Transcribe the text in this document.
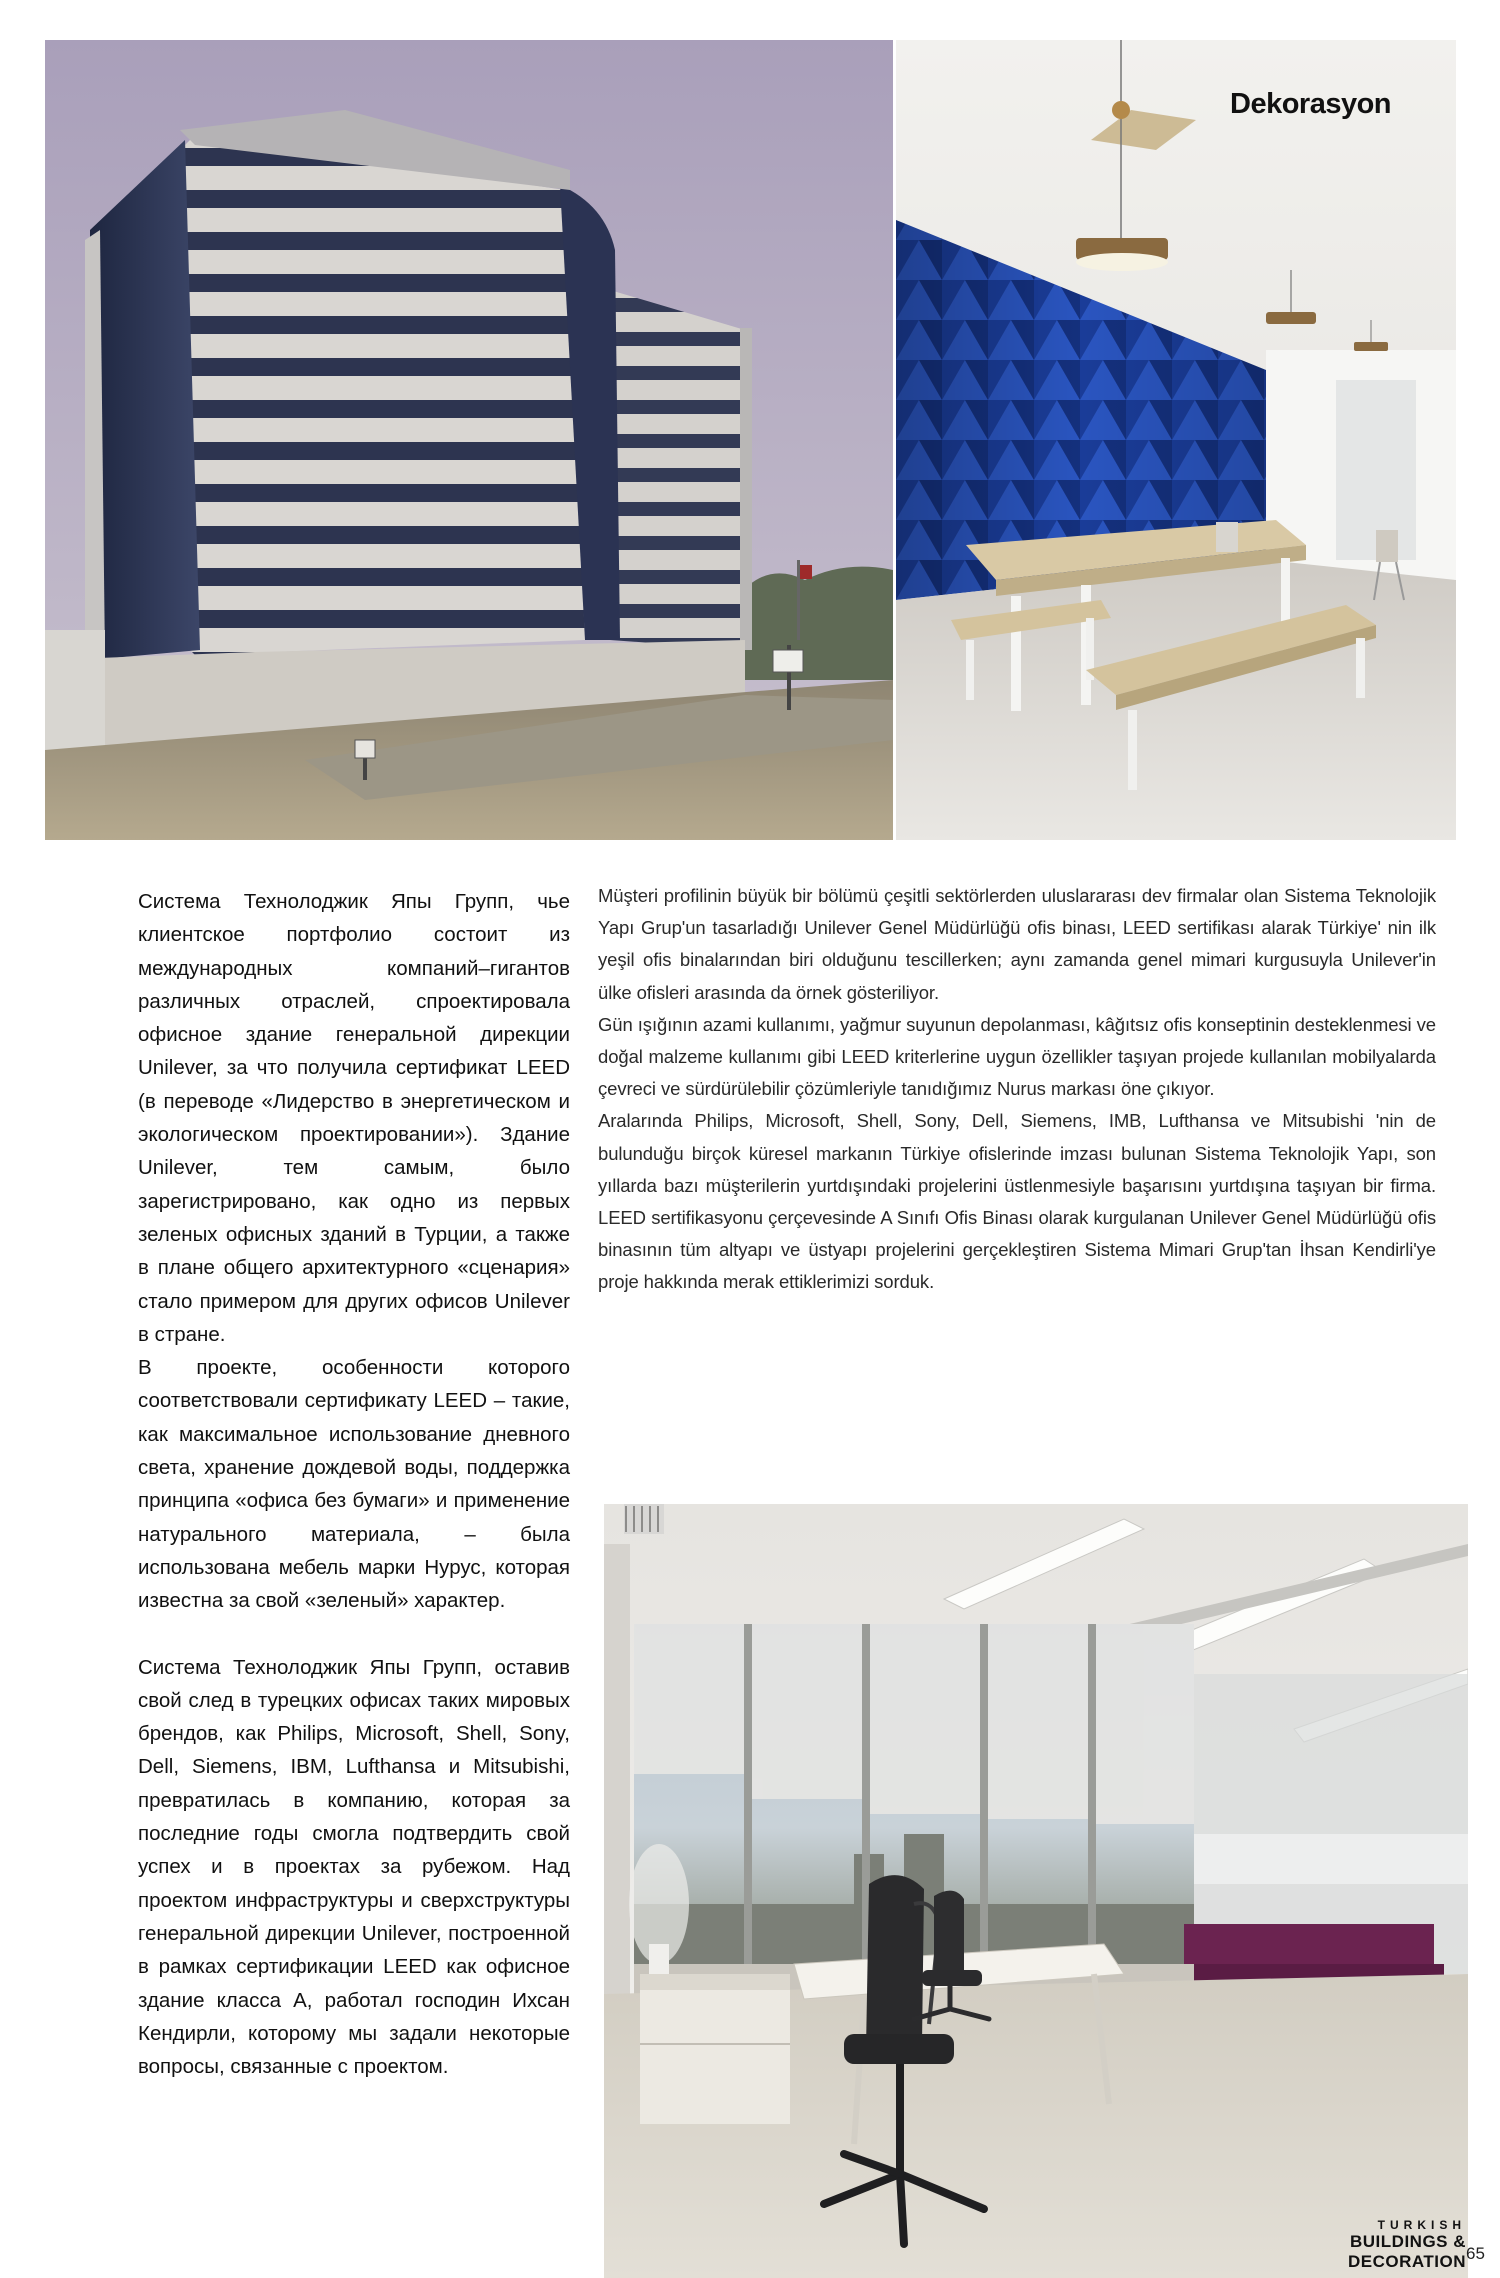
Dekorasyon

Система Технолоджик Япы Групп, чье клиентское портфолио состоит из международных компаний–гигантов различных отраслей, спроектировала офисное здание генеральной дирекции Unilever, за что получила сертификат LEED (в переводе «Лидерство в энергетическом и экологическом проектировании»). Здание Unilever, тем самым, было зарегистрировано, как одно из первых зеленых офисных зданий в Турции, а также в плане общего архитектурного «сценария» стало примером для других офисов Unilever в стране.

В проекте, особенности которого соответствовали сертификату LEED – такие, как максимальное использование дневного света, хранение дождевой воды, поддержка принципа «офиса без бумаги» и применение натурального материала, – была использована мебель марки Нурус, которая известна за свой «зеленый» характер.

Система Технолоджик Япы Групп, оставив свой след в турецких офисах таких мировых брендов, как Philips, Microsoft, Shell, Sony, Dell, Siemens, IBM, Lufthansa и Mitsubishi, превратилась в компанию, которая за последние годы смогла подтвердить свой успех и в проектах за рубежом. Над проектом инфраструктуры и сверхструктуры генеральной дирекции Unilever, построенной в рамках сертификации LEED как офисное здание класса А, работал господин Ихсан Кендирли, которому мы задали некоторые вопросы, связанные с проектом.

Müşteri profilinin büyük bir bölümü çeşitli sektörlerden uluslararası dev firmalar olan Sistema Teknolojik Yapı Grup'un tasarladığı Unilever Genel Müdürlüğü ofis binası, LEED sertifikası alarak Türkiye' nin ilk yeşil ofis binalarından biri olduğunu tescillerken; aynı zamanda genel mimari kurgusuyla Unilever'in ülke ofisleri arasında da örnek gösteriliyor.

Gün ışığının azami kullanımı, yağmur suyunun depolanması, kâğıtsız ofis konseptinin desteklenmesi ve doğal malzeme kullanımı gibi LEED kriterlerine uygun özellikler taşıyan projede kullanılan mobilyalarda çevreci ve sürdürülebilir çözümleriyle tanıdığımız Nurus markası öne çıkıyor.

Aralarında Philips, Microsoft, Shell, Sony, Dell, Siemens, IMB, Lufthansa ve Mitsubishi 'nin de bulunduğu birçok küresel markanın Türkiye ofislerinde imzası bulunan Sistema Teknolojik Yapı, son yıllarda bazı müşterilerin yurtdışındaki projelerini üstlenmesiyle başarısını yurtdışına taşıyan bir firma. LEED sertifikasyonu çerçevesinde A Sınıfı Ofis Binası olarak kurgulanan Unilever Genel Müdürlüğü ofis binasının tüm altyapı ve üstyapı projelerini gerçekleştiren Sistema Mimari Grup'tan İhsan Kendirli'ye proje hakkında merak ettiklerimizi sorduk.

TURKISH
BUILDINGS & DECORATION 65
